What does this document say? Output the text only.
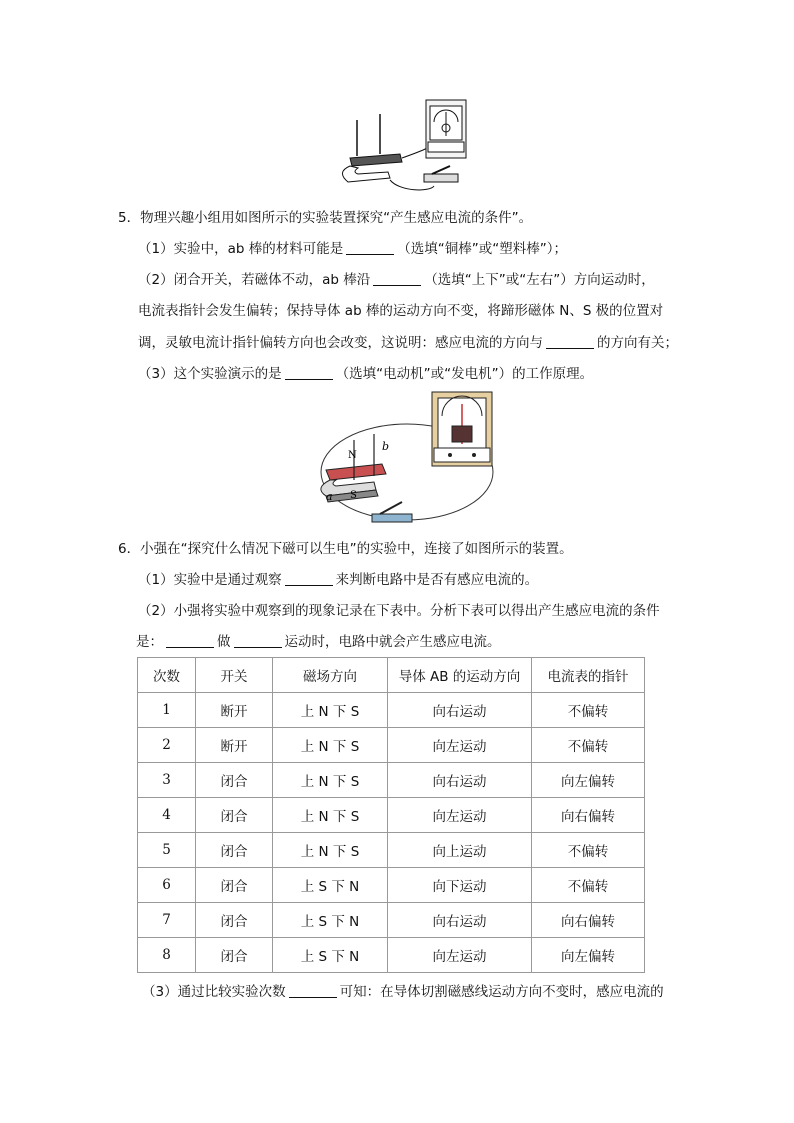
5．物理兴趣小组用如图所示的实验装置探究“产生感应电流的条件”。
（1）实验中，ab 棒的材料可能是	（选填“铜棒”或“塑料棒”）；
（2）闭合开关，若磁体不动，ab 棒沿	（选填“上下”或“左右”）方向运动时，
电流表指针会发生偏转；保持导体 ab 棒的运动方向不变，将蹄形磁体 N、S 极的位置对
调，灵敏电流计指针偏转方向也会改变，这说明：感应电流的方向与	的方向有关；
（3）这个实验演示的是	（选填“电动机”或“发电机”）的工作原理。
N
S
a
b
6．小强在“探究什么情况下磁可以生电”的实验中，连接了如图所示的装置。
（1）实验中是通过观察	来判断电路中是否有感应电流的。
（2）小强将实验中观察到的现象记录在下表中。分析下表可以得出产生感应电流的条件
是：	做	运动时，电路中就会产生感应电流。
次数	开关	磁场方向	导体 AB 的运动方向	电流表的指针
1	断开	上 N 下 S	向右运动	不偏转
2	断开	上 N 下 S	向左运动	不偏转
3	闭合	上 N 下 S	向右运动	向左偏转
4	闭合	上 N 下 S	向左运动	向右偏转
5	闭合	上 N 下 S	向上运动	不偏转
6	闭合	上 S 下 N	向下运动	不偏转
7	闭合	上 S 下 N	向右运动	向右偏转
8	闭合	上 S 下 N	向左运动	向左偏转
（3）通过比较实验次数	可知：在导体切割磁感线运动方向不变时，感应电流的
